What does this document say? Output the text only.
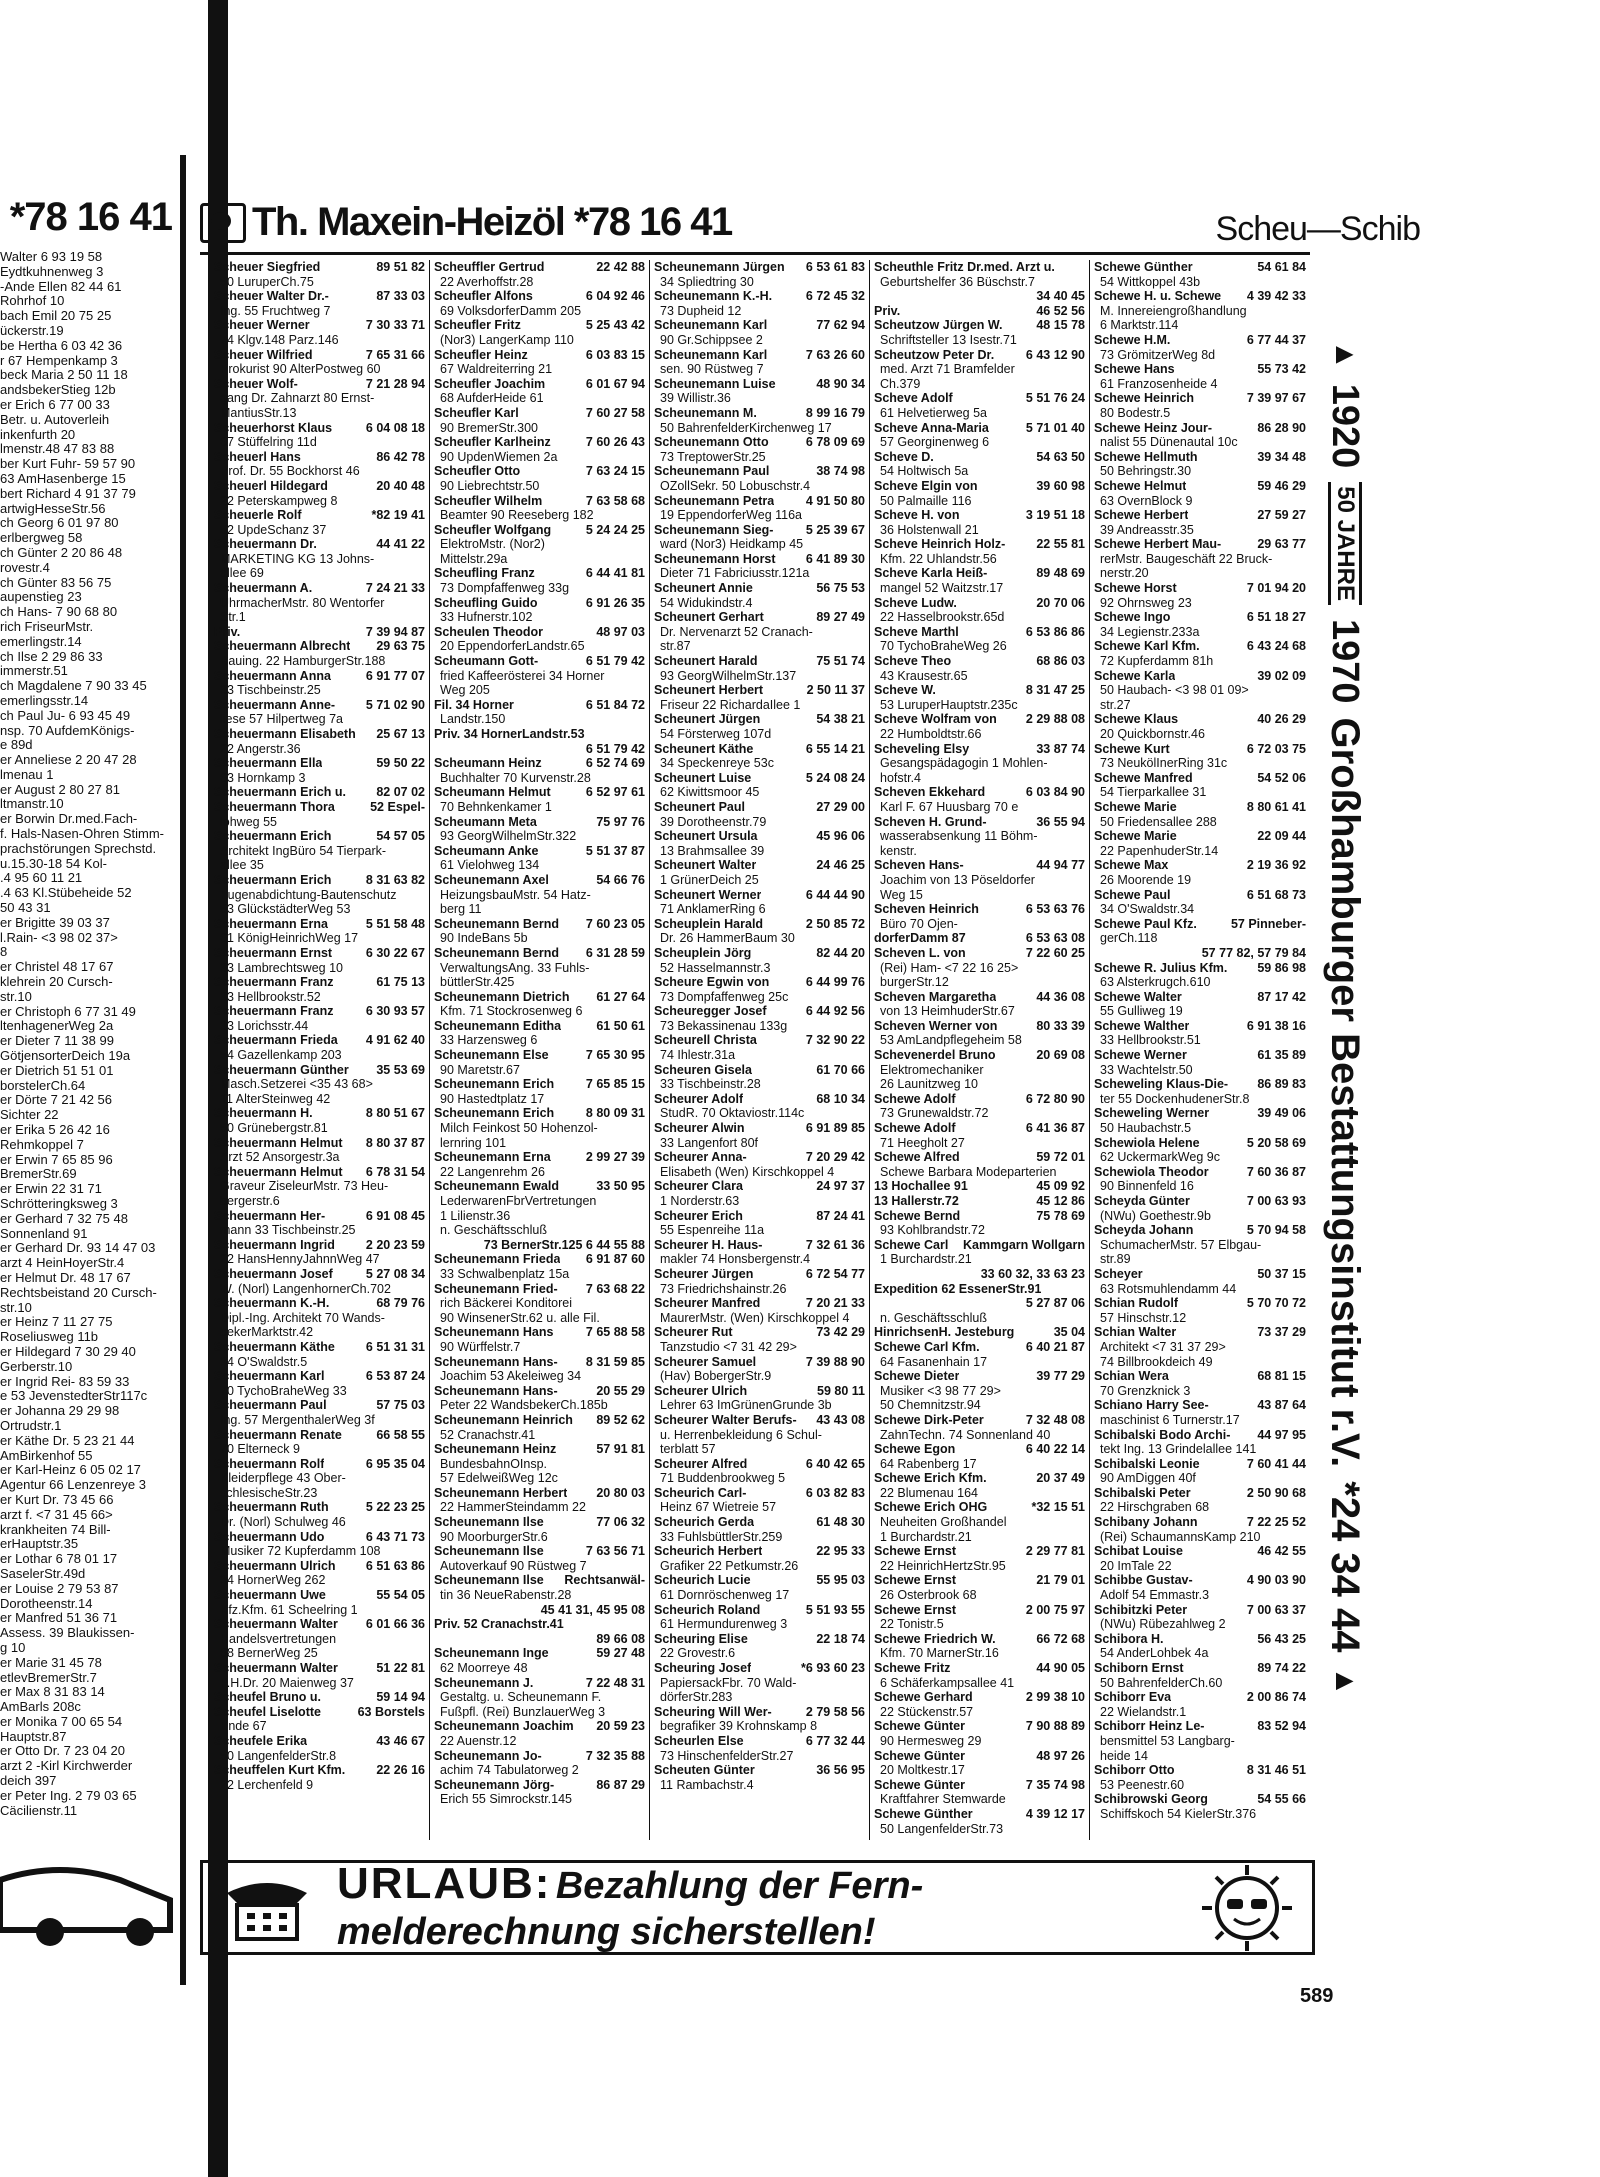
*78 16 41
Walter 6 93 19 58
Eydtkuhnenweg 3
-Ande Ellen 82 44 61
Rohrhof 10
bach Emil 20 75 25
ückerstr.19
be Hertha 6 03 42 36
r 67 Hempenkamp 3
beck Maria 2 50 11 18
andsbekerStieg 12b
er Erich 6 77 00 33
Betr. u. Autoverleih
inkenfurth 20
lmenstr.48 47 83 88
ber Kurt Fuhr- 59 57 90
63 AmHasenberge 15
bert Richard 4 91 37 79
artwigHesseStr.56
ch Georg 6 01 97 80
erlbergweg 58
ch Günter 2 20 86 48
rovestr.4
ch Günter 83 56 75
aupenstieg 23
ch Hans- 7 90 68 80
rich FriseurMstr.
emerlingstr.14
ch Ilse 2 29 86 33
immerstr.51
ch Magdalene 7 90 33 45
emerlingsstr.14
ch Paul Ju- 6 93 45 49
nsp. 70 AufdemKönigs-
e 89d
er Anneliese 2 20 47 28
lmenau 1
er August 2 80 27 81
ltmanstr.10
er Borwin Dr.med.Fach-
f. Hals-Nasen-Ohren Stimm-
prachstörungen Sprechstd.
u.15.30-18 54 Kol-
.4 95 60 11 21
.4 63 Kl.Stübeheide 52
50 43 31
er Brigitte 39 03 37
l.Rain- <3 98 02 37>
8
er Christel 48 17 67
klehrein 20 Cursch-
str.10
er Christoph 6 77 31 49
ltenhagenerWeg 2a
er Dieter 7 11 38 99
GötjensorterDeich 19a
er Dietrich 51 51 01
borstelerCh.64
er Dörte 7 21 42 56
Sichter 22
er Erika 5 26 42 16
Rehmkoppel 7
er Erwin 7 65 85 96
BremerStr.69
er Erwin 22 31 71
Schrötteringksweg 3
er Gerhard 7 32 75 48
Sonnenland 91
er Gerhard Dr. 93 14 47 03
arzt 4 HeinHoyerStr.4
er Helmut Dr. 48 17 67
Rechtsbeistand 20 Cursch-
str.10
er Heinz 7 11 27 75
Roseliusweg 11b
er Hildegard 7 30 29 40
Gerberstr.10
er Ingrid Rei- 83 59 33
e 53 JevenstedterStr117c
er Johanna 29 29 98
Ortrudstr.1
er Käthe Dr. 5 23 21 44
AmBirkenhof 55
er Karl-Heinz 6 05 02 17
Agentur 66 Lenzenreye 3
er Kurt Dr. 73 45 66
arzt f. <7 31 45 66>
krankheiten 74 Bill-
erHauptstr.35
er Lothar 6 78 01 17
SaselerStr.49d
er Louise 2 79 53 87
Dorotheenstr.14
er Manfred 51 36 71
Assess. 39 Blaukissen-
g 10
er Marie 31 45 78
etlevBremerStr.7
er Max 8 31 83 14
AmBarls 208c
er Monika 7 00 65 54
Hauptstr.87
er Otto Dr. 7 23 04 20
arzt 2 -Kirl Kirchwerder
deich 397
er Peter Ing. 2 79 03 65
Cäcilienstr.11
Th. Maxein-Heizöl *78 16 41	Scheu—Schib
Scheuer Siegfried	89 51 82
50 LuruperCh.75
Scheuer Walter Dr.-	87 33 03
Ing. 55 Fruchtweg 7
Scheuer Werner	7 30 33 71
74 Klgv.148 Parz.146
Scheuer Wilfried	7 65 31 66
Prokurist 90 AlterPostweg 60
Scheuer Wolf-	7 21 28 94
gang Dr. Zahnarzt 80 Ernst-
MantiusStr.13
Scheuerhorst Klaus	6 04 08 18
67 Stüffelring 11d
Scheuerl Hans	86 42 78
Prof. Dr. 55 Bockhorst 46
Scheuerl Hildegard	20 40 48
22 Peterskampweg 8
Scheuerle Rolf	*82 19 41
52 UpdeSchanz 37
Scheuermann Dr.	44 41 22
MARKETING KG 13 Johns-
allee 69
Scheuermann A.	7 24 21 33
UhrmacherMstr. 80 Wentorfer
Str.1
Priv.	7 39 94 87
Scheuermann Albrecht	29 63 75
Bauing. 22 HamburgerStr.188
Scheuermann Anna	6 91 77 07
33 Tischbeinstr.25
Scheuermann Anne-	5 71 02 90
liese 57 Hilpertweg 7a
Scheuermann Elisabeth	25 67 13
22 Angerstr.36
Scheuermann Ella	59 50 22
63 Hornkamp 3
Scheuermann Erich u.	82 07 02
Scheuermann Thora	52 Espel-
lohweg 55
Scheuermann Erich	54 57 05
Architekt IngBüro 54 Tierpark-
allee 35
Scheuermann Erich	8 31 63 82
Fugenabdichtung-Bautenschutz
53 GlückstädterWeg 53
Scheuermann Erna	5 51 58 48
61 KönigHeinrichWeg 17
Scheuermann Ernst	6 30 22 67
33 Lambrechtsweg 10
Scheuermann Franz	61 75 13
33 Hellbrookstr.52
Scheuermann Franz	6 30 93 57
33 Lorichsstr.44
Scheuermann Frieda	4 91 62 40
54 Gazellenkamp 203
Scheuermann Günther	35 53 69
Masch.Setzerei <35 43 68>
11 AlterSteinweg 42
Scheuermann H.	8 80 51 67
50 Grünebergstr.81
Scheuermann Helmut	8 80 37 87
Arzt 52 Ansorgestr.3a
Scheuermann Helmut	6 78 31 54
Graveur ZiseleurMstr. 73 Heu-
bergerstr.6
Scheuermann Her-	6 91 08 45
mann 33 Tischbeinstr.25
Scheuermann Ingrid	2 20 23 59
22 HansHennyJahnnWeg 47
Scheuermann Josef	5 27 08 34
W. (Norl) LangenhornerCh.702
Scheuermann K.-H.	68 79 76
Dipl.-Ing. Architekt 70 Wands-
bekerMarktstr.42
Scheuermann Käthe	6 51 31 31
34 O'Swaldstr.5
Scheuermann Karl	6 53 87 24
70 TychoBraheWeg 33
Scheuermann Paul	57 75 03
Ing. 57 MergenthalerWeg 3f
Scheuermann Renate	66 58 55
70 Elterneck 9
Scheuermann Rolf	6 95 35 04
Kleiderpflege 43 Ober-
schlesischeStr.23
Scheuermann Ruth	5 22 23 25
Dr. (Norl) Schulweg 46
Scheuermann Udo	6 43 71 73
Musiker 72 Kupferdamm 108
Scheuermann Ulrich	6 51 63 86
34 HornerWeg 262
Scheuermann Uwe	55 54 05
Kfz.Kfm. 61 Scheelring 1
Scheuermann Walter	6 01 66 36
Handelsvertretungen
68 BernerWeg 25
Scheuermann Walter	51 22 81
P.H.Dr. 20 Maienweg 37
Scheufel Bruno u.	59 14 94
Scheufel Liselotte	63 Borstels
Ende 67
Scheufele Erika	43 46 67
50 LangenfelderStr.8
Scheuffelen Kurt Kfm.	22 26 16
22 Lerchenfeld 9
Scheuffler Gertrud	22 42 88
22 Averhoffstr.28
Scheufler Alfons	6 04 92 46
69 VolksdorferDamm 205
Scheufler Fritz	5 25 43 42
(Nor3) LangerKamp 110
Scheufler Heinz	6 03 83 15
67 Waldreiterring 21
Scheufler Joachim	6 01 67 94
68 AufderHeide 61
Scheufler Karl	7 60 27 58
90 BremerStr.300
Scheufler Karlheinz	7 60 26 43
90 UpdenWiemen 2a
Scheufler Otto	7 63 24 15
90 Liebrechtstr.50
Scheufler Wilhelm	7 63 58 68
Beamter 90 Reeseberg 182
Scheufler Wolfgang	5 24 24 25
ElektroMstr. (Nor2)
Mittelstr.29a
Scheufling Franz	6 44 41 81
73 Dompfaffenweg 33g
Scheufling Guido	6 91 26 35
33 Hufnerstr.102
Scheulen Theodor	48 97 03
20 EppendorferLandstr.65
Scheumann Gott-	6 51 79 42
fried Kaffeerösterei 34 Horner
Weg 205
Fil. 34 Horner	6 51 84 72
Landstr.150
Priv. 34 HornerLandstr.53
6 51 79 42
Scheumann Heinz	6 52 74 69
Buchhalter 70 Kurvenstr.28
Scheumann Helmut	6 52 97 61
70 Behnkenkamer 1
Scheumann Meta	75 97 76
93 GeorgWilhelmStr.322
Scheumann Anke	5 51 37 87
61 Vielohweg 134
Scheunemann Axel	54 66 76
HeizungsbauMstr. 54 Hatz-
berg 11
Scheunemann Bernd	7 60 23 05
90 IndeBans 5b
Scheunemann Bernd	6 31 28 59
VerwaltungsAng. 33 Fuhls-
büttlerStr.425
Scheunemann Dietrich	61 27 64
Kfm. 71 Stockrosenweg 6
Scheunemann Editha	61 50 61
33 Harzensweg 6
Scheunemann Else	7 65 30 95
90 Maretstr.67
Scheunemann Erich	7 65 85 15
90 Hastedtplatz 17
Scheunemann Erich	8 80 09 31
Milch Feinkost 50 Hohenzol-
lernring 101
Scheunemann Erna	2 99 27 39
22 Langenrehm 26
Scheunemann Ewald	33 50 95
LederwarenFbrVertretungen
1 Lilienstr.36
n. Geschäftsschluß
73 BernerStr.125 6 44 55 88
Scheunemann Frieda	6 91 87 60
33 Schwalbenplatz 15a
Scheunemann Fried-	7 63 68 22
rich Bäckerei Konditorei
90 WinsenerStr.62 u. alle Fil.
Scheunemann Hans	7 65 88 58
90 Würffelstr.7
Scheunemann Hans-	8 31 59 85
Joachim 53 Akeleiweg 34
Scheunemann Hans-	20 55 29
Peter 22 WandsbekerCh.185b
Scheunemann Heinrich	89 52 62
52 Cranachstr.41
Scheunemann Heinz	57 91 81
BundesbahnOInsp.
57 EdelweißWeg 12c
Scheunemann Herbert	20 80 03
22 HammerSteindamm 22
Scheunemann Ilse	77 06 32
90 MoorburgerStr.6
Scheunemann Ilse	7 63 56 71
Autoverkauf 90 Rüstweg 7
Scheunemann Ilse	Rechtsanwäl-
tin 36 NeueRabenstr.28
45 41 31, 45 95 08
Priv. 52 Cranachstr.41
89 66 08
Scheunemann Inge	59 27 48
62 Moorreye 48
Scheunemann J.	7 22 48 31
Gestaltg. u. Scheunemann F.
Fußpfl. (Rei) BunzlauerWeg 3
Scheunemann Joachim	20 59 23
22 Auenstr.12
Scheunemann Jo-	7 32 35 88
achim 74 Tabulatorweg 2
Scheunemann Jörg-	86 87 29
Erich 55 Simrockstr.145
Scheunemann Jürgen	6 53 61 83
34 Spliedtring 30
Scheunemann K.-H.	6 72 45 32
73 Dupheid 12
Scheunemann Karl	77 62 94
90 Gr.Schippsee 2
Scheunemann Karl	7 63 26 60
sen. 90 Rüstweg 7
Scheunemann Luise	48 90 34
39 Willistr.36
Scheunemann M.	8 99 16 79
50 BahrenfelderKirchenweg 17
Scheunemann Otto	6 78 09 69
73 TreptowerStr.25
Scheunemann Paul	38 74 98
OZollSekr. 50 Lobuschstr.4
Scheunemann Petra	4 91 50 80
19 EppendorferWeg 116a
Scheunemann Sieg-	5 25 39 67
ward (Nor3) Heidkamp 45
Scheunemann Horst	6 41 89 30
Dieter 71 Fabriciusstr.121a
Scheunert Annie	56 75 53
54 Widukindstr.4
Scheunert Gerhart	89 27 49
Dr. Nervenarzt 52 Cranach-
str.87
Scheunert Harald	75 51 74
93 GeorgWilhelmStr.137
Scheunert Herbert	2 50 11 37
Friseur 22 RichardaIlee 1
Scheunert Jürgen	54 38 21
54 Försterweg 107d
Scheunert Käthe	6 55 14 21
34 Speckenreye 53c
Scheunert Luise	5 24 08 24
62 Kiwittsmoor 45
Scheunert Paul	27 29 00
39 Dorotheenstr.79
Scheunert Ursula	45 96 06
13 Brahmsallee 39
Scheunert Walter	24 46 25
1 GrünerDeich 25
Scheunert Werner	6 44 44 90
71 AnklamerRing 6
Scheuplein Harald	2 50 85 72
Dr. 26 HammerBaum 30
Scheuplein Jörg	82 44 20
52 Hasselmannstr.3
Scheure Egwin von	6 44 99 76
73 Dompfaffenweg 25c
Scheuregger Josef	6 44 92 56
73 Bekassinenau 133g
Scheurell Christa	7 32 90 22
74 Ihlestr.31a
Scheuren Gisela	61 70 66
33 Tischbeinstr.28
Scheurer Adolf	68 10 34
StudR. 70 Oktaviostr.114c
Scheurer Alwin	6 91 89 85
33 Langenfort 80f
Scheurer Anna-	7 20 29 42
Elisabeth (Wen) Kirschkoppel 4
Scheurer Clara	24 97 37
1 Norderstr.63
Scheurer Erich	87 24 41
55 Espenreihe 11a
Scheurer H. Haus-	7 32 61 36
makler 74 Honsbergenstr.4
Scheurer Jürgen	6 72 54 77
73 Friedrichshainstr.26
Scheurer Manfred	7 20 21 33
MaurerMstr. (Wen) Kirschkoppel 4
Scheurer Rut	73 42 29
Tanzstudio <7 31 42 29>
Scheurer Samuel	7 39 88 90
(Hav) BobergerStr.9
Scheurer Ulrich	59 80 11
Lehrer 63 ImGrünenGrunde 3b
Scheurer Walter Berufs-	43 43 08
u. Herrenbekleidung 6 Schul-
terblatt 57
Scheurer Alfred	6 40 42 65
71 Buddenbrookweg 5
Scheurich Carl-	6 03 82 83
Heinz 67 Wietreie 57
Scheurich Gerda	61 48 30
33 FuhlsbüttlerStr.259
Scheurich Herbert	22 95 33
Grafiker 22 Petkumstr.26
Scheurich Lucie	55 95 03
61 Dornröschenweg 17
Scheurich Roland	5 51 93 55
61 Hermundurenweg 3
Scheuring Elise	22 18 74
22 Grovestr.6
Scheuring Josef	*6 93 60 23
PapiersackFbr. 70 Wald-
dörferStr.283
Scheuring Will Wer-	2 79 58 56
begrafiker 39 Krohnskamp 8
Scheurlen Else	6 77 32 44
73 HinschenfelderStr.27
Scheuten Günter	36 56 95
11 Rambachstr.4
Scheuthle Fritz Dr.med. Arzt u.
Geburtshelfer 36 Büschstr.7
34 40 45
Priv.	46 52 56
Scheutzow Jürgen W.	48 15 78
Schriftsteller 13 Isestr.71
Scheutzow Peter Dr.	6 43 12 90
med. Arzt 71 Bramfelder
Ch.379
Scheve Adolf	5 51 76 24
61 Helvetierweg 5a
Scheve Anna-Maria	5 71 01 40
57 Georginenweg 6
Scheve D.	54 63 50
54 Holtwisch 5a
Scheve Elgin von	39 60 98
50 Palmaille 116
Scheve H. von	3 19 51 18
36 Holstenwall 21
Scheve Heinrich Holz-	22 55 81
Kfm. 22 Uhlandstr.56
Scheve Karla Heiß-	89 48 69
mangel 52 Waitzstr.17
Scheve Ludw.	20 70 06
22 Hasselbrookstr.65d
Scheve Marthl	6 53 86 86
70 TychoBraheWeg 26
Scheve Theo	68 86 03
43 Krausestr.65
Scheve W.	8 31 47 25
53 LuruperHauptstr.235c
Scheve Wolfram von	2 29 88 08
22 Humboldtstr.66
Scheveling Elsy	33 87 74
Gesangspädagogin 1 Mohlen-
hofstr.4
Scheven Ekkehard	6 03 84 90
Karl F. 67 Huusbarg 70 e
Scheven H. Grund-	36 55 94
wasserabsenkung 11 Böhm-
kenstr.
Scheven Hans-	44 94 77
Joachim von 13 Pöseldorfer
Weg 15
Scheven Heinrich	6 53 63 76
Büro 70 Ojen-
dorferDamm 87	6 53 63 08
Scheven L. von	7 22 60 25
(Rei) Ham- <7 22 16 25>
burgerStr.12
Scheven Margaretha	44 36 08
von 13 HeimhuderStr.67
Scheven Werner von	80 33 39
53 AmLandpflegeheim 58
Schevenerdel Bruno	20 69 08
Elektromechaniker
26 Launitzweg 10
Schewe Adolf	6 72 80 90
73 Grunewaldstr.72
Schewe Adolf	6 41 36 87
71 Heegholt 27
Schewe Alfred	59 72 01
Schewe Barbara Modeparterien
13 Hochallee 91	45 09 92
13 Hallerstr.72	45 12 86
Schewe Bernd	75 78 69
93 Kohlbrandstr.72
Schewe Carl	Kammgarn Wollgarn
1 Burchardstr.21
33 60 32, 33 63 23
Expedition 62 EssenerStr.91
5 27 87 06
n. Geschäftsschluß
HinrichsenH. Jesteburg	35 04
Schewe Carl Kfm.	6 40 21 87
64 Fasanenhain 17
Schewe Dieter	39 77 29
Musiker <3 98 77 29>
50 Chemnitzstr.94
Schewe Dirk-Peter	7 32 48 08
ZahnTechn. 74 Sonnenland 40
Schewe Egon	6 40 22 14
64 Rabenberg 17
Schewe Erich Kfm.	20 37 49
22 Blumenau 164
Schewe Erich OHG	*32 15 51
Neuheiten Großhandel
1 Burchardstr.21
Schewe Ernst	2 29 77 81
22 HeinrichHertzStr.95
Schewe Ernst	21 79 01
26 Osterbrook 68
Schewe Ernst	2 00 75 97
22 Tonistr.5
Schewe Friedrich W.	66 72 68
Kfm. 70 MarnerStr.16
Schewe Fritz	44 90 05
6 Schäferkampsallee 41
Schewe Gerhard	2 99 38 10
22 Stückenstr.57
Schewe Günter	7 90 88 89
90 Hermesweg 29
Schewe Günter	48 97 26
20 Moltkestr.17
Schewe Günter	7 35 74 98
Kraftfahrer Stemwarde
Schewe Günther	4 39 12 17
50 LangenfelderStr.73
Schewe Günther	54 61 84
54 Wittkoppel 43b
Schewe H. u. Schewe	4 39 42 33
M. Innereiengroßhandlung
6 Marktstr.114
Schewe H.M.	6 77 44 37
73 GrömitzerWeg 8d
Schewe Hans	55 73 42
61 Franzosenheide 4
Schewe Heinrich	7 39 97 67
80 Bodestr.5
Schewe Heinz Jour-	86 28 90
nalist 55 Dünenautal 10c
Schewe Hellmuth	39 34 48
50 Behringstr.30
Schewe Helmut	59 46 29
63 OvernBlock 9
Schewe Herbert	27 59 27
39 Andreasstr.35
Schewe Herbert Mau-	29 63 77
rerMstr. Baugeschäft 22 Bruck-
nerstr.20
Schewe Horst	7 01 94 20
92 Ohrnsweg 23
Schewe Ingo	6 51 18 27
34 Legienstr.233a
Schewe Karl Kfm.	6 43 24 68
72 Kupferdamm 81h
Schewe Karla	39 02 09
50 Haubach- <3 98 01 09>
str.27
Schewe Klaus	40 26 29
20 Quickbornstr.46
Schewe Kurt	6 72 03 75
73 NeukölInerRing 31c
Schewe Manfred	54 52 06
54 Tierparkallee 31
Schewe Marie	8 80 61 41
50 Friedensallee 288
Schewe Marie	22 09 44
22 PapenhuderStr.14
Schewe Max	2 19 36 92
26 Moorende 19
Schewe Paul	6 51 68 73
34 O'Swaldstr.34
Schewe Paul Kfz.	57 Pinneber-
gerCh.118
57 77 82, 57 79 84
Schewe R. Julius Kfm.	59 86 98
63 Alsterkrugch.610
Schewe Walter	87 17 42
55 Gulliweg 19
Schewe Walther	6 91 38 16
33 Hellbrookstr.51
Schewe Werner	61 35 89
33 Wachtelstr.50
Scheweling Klaus-Die-	86 89 83
ter 55 DockenhudenerStr.8
Scheweling Werner	39 49 06
50 Haubachstr.5
Schewiola Helene	5 20 58 69
62 UckermarkWeg 9c
Schewiola Theodor	7 60 36 87
90 Binnenfeld 16
Scheyda Günter	7 00 63 93
(NWu) Goethestr.9b
Scheyda Johann	5 70 94 58
SchumacherMstr. 57 Elbgau-
str.89
Scheyer	50 37 15
63 Rotsmuhlendamm 44
Schian Rudolf	5 70 70 72
57 Hinschstr.12
Schian Walter	73 37 29
Architekt <7 31 37 29>
74 Billbrookdeich 49
Schian Wera	68 81 15
70 Grenzknick 3
Schiano Harry See-	43 87 64
maschinist 6 Turnerstr.17
Schibalski Bodo Archi-	44 97 95
tekt Ing. 13 Grindelallee 141
Schibalski Leonie	7 60 41 44
90 AmDiggen 40f
Schibalski Peter	2 50 90 68
22 Hirschgraben 68
Schibany Johann	7 22 25 52
(Rei) SchaumannsKamp 210
Schibat Louise	46 42 55
20 ImTale 22
Schibbe Gustav-	4 90 03 90
Adolf 54 Emmastr.3
Schibitzki Peter	7 00 63 37
(NWu) Rübezahlweg 2
Schibora H.	56 43 25
54 AnderLohbek 4a
Schiborn Ernst	89 74 22
50 BahrenfelderCh.60
Schiborr Eva	2 00 86 74
22 Wielandstr.1
Schiborr Heinz Le-	83 52 94
bensmittel 53 Langbarg-
heide 14
Schiborr Otto	8 31 46 51
53 Peenestr.60
Schibrowski Georg	54 55 66
Schiffskoch 54 KielerStr.376
▲
1920
50 JAHRE
1970
Großhamburger Bestattungsinstitut r.V.
*24 34 44
▲
URLAUB: Bezahlung der Fern-
melderechnung sicherstellen!
589
